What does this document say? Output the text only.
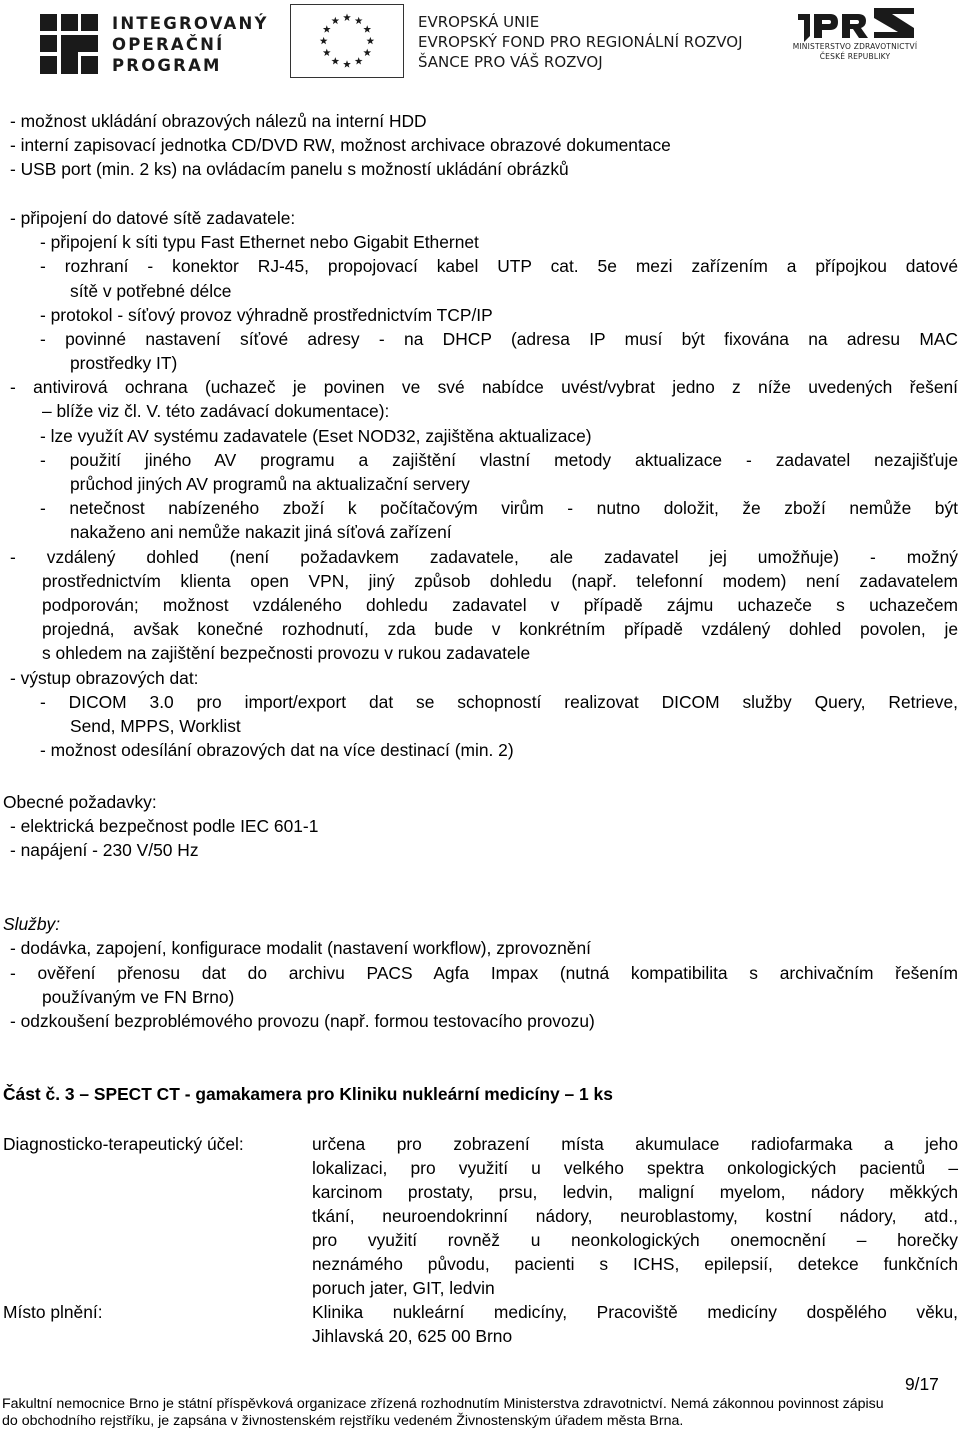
INTEGROVANÝ
OPERAČNÍ
PROGRAM
EVROPSKÁ UNIE
EVROPSKÝ FOND PRO REGIONÁLNÍ ROZVOJ
ŠANCE PRO VÁŠ ROZVOJ
MINISTERSTVO ZDRAVOTNICTVÍ
ČESKÉ REPUBLIKY

- možnost ukládání obrazových nálezů na interní HDD

- interní zapisovací jednotka CD/DVD RW, možnost archivace obrazové dokumentace

- USB port (min. 2 ks) na ovládacím panelu s možností ukládání obrázků

- připojení do datové sítě zadavatele:

- připojení k síti typu Fast Ethernet nebo Gigabit Ethernet

- rozhraní - konektor RJ-45, propojovací kabel UTP cat. 5e mezi zařízením a přípojkou datové

sítě v potřebné délce

- protokol - síťový provoz výhradně prostřednictvím TCP/IP

- povinné nastavení síťové adresy - na DHCP (adresa IP musí být fixována na adresu MAC

prostředky IT)

- antivirová ochrana (uchazeč je povinen ve své nabídce uvést/vybrat jedno z níže uvedených řešení

– blíže viz čl. V. této zadávací dokumentace):

- lze využít AV systému zadavatele (Eset NOD32, zajištěna aktualizace)

- použití jiného AV programu a zajištění vlastní metody aktualizace - zadavatel nezajišťuje

průchod jiných AV programů na aktualizační servery

- netečnost nabízeného zboží k počítačovým virům - nutno doložit, že zboží nemůže být

nakaženo ani nemůže nakazit jiná síťová zařízení

- vzdálený dohled (není požadavkem zadavatele, ale zadavatel jej umožňuje) - možný

prostřednictvím klienta open VPN, jiný způsob dohledu (např. telefonní modem) není zadavatelem

podporován; možnost vzdáleného dohledu zadavatel v případě zájmu uchazeče s uchazečem

projedná, avšak konečné rozhodnutí, zda bude v konkrétním případě vzdálený dohled povolen, je

s ohledem na zajištění bezpečnosti provozu v rukou zadavatele

- výstup obrazových dat:

- DICOM 3.0 pro import/export dat se schopností realizovat DICOM služby Query, Retrieve,

Send, MPPS, Worklist

- možnost odesílání obrazových dat na více destinací (min. 2)

Obecné požadavky:

- elektrická bezpečnost podle IEC 601-1

- napájení - 230 V/50 Hz

Služby:

- dodávka, zapojení, konfigurace modalit (nastavení workflow), zprovoznění

- ověření přenosu dat do archivu PACS Agfa Impax (nutná kompatibilita s archivačním řešením

používaným ve FN Brno)

- odzkoušení bezproblémového provozu (např. formou testovacího provozu)

Část č. 3 – SPECT CT - gamakamera pro Kliniku nukleární medicíny – 1 ks

Diagnosticko-terapeutický účel:	určena pro zobrazení místa akumulace radiofarmaka a jeho

lokalizaci, pro využití u velkého spektra onkologických pacientů –

karcinom prostaty, prsu, ledvin, maligní myelom, nádory měkkých

tkání, neuroendokrinní nádory, neuroblastomy, kostní nádory, atd.,

pro využití rovněž u neonkologických onemocnění – horečky

neznámého původu, pacienti s ICHS, epilepsií, detekce funkčních

poruch jater, GIT, ledvin

Místo plnění:	Klinika nukleární medicíny, Pracoviště medicíny dospělého věku,

Jihlavská 20, 625 00 Brno

9/17
Fakultní nemocnice Brno je státní příspěvková organizace zřízená rozhodnutím Ministerstva zdravotnictví. Nemá zákonnou povinnost zápisu
do obchodního rejstříku, je zapsána v živnostenském rejstříku vedeném Živnostenským úřadem města Brna.
